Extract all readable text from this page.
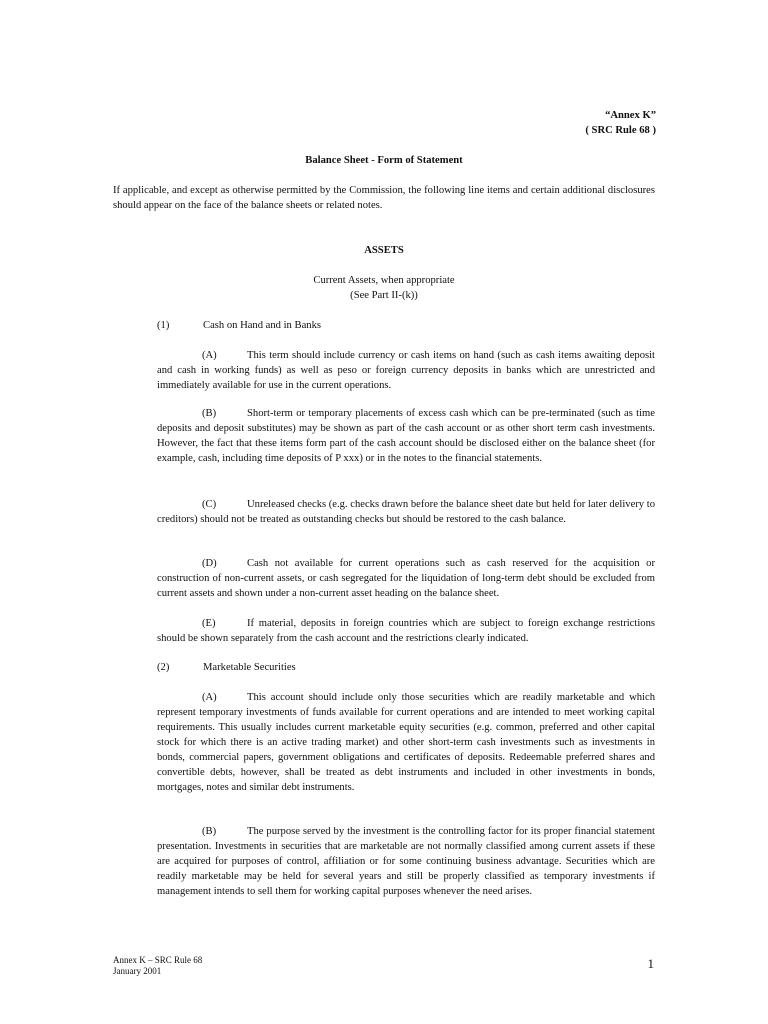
“Annex K”
( SRC Rule 68 )
Balance Sheet - Form of Statement
If applicable, and except as otherwise permitted by the Commission, the following line items and certain additional disclosures should appear on the face of the balance sheets or related notes.
ASSETS
Current Assets, when appropriate
(See Part II-(k))
(1)	Cash on Hand and in Banks
(A)	This term should include currency or cash items on hand (such as cash items awaiting deposit and cash in working funds) as well as peso or foreign currency deposits in banks which are unrestricted and immediately available for use in the current operations.
(B)	Short-term or temporary placements of excess cash which can be pre-terminated (such as time deposits and deposit substitutes) may be shown as part of the cash account or as other short term cash investments. However, the fact that these items form part of the cash account should be disclosed either on the balance sheet (for example, cash, including time deposits of P xxx) or in the notes to the financial statements.
(C)	Unreleased checks (e.g. checks drawn before the balance sheet date but held for later delivery to creditors) should not be treated as outstanding checks but should be restored to the cash balance.
(D)	Cash not available for current operations such as cash reserved for the acquisition or construction of non-current assets, or cash segregated for the liquidation of long-term debt should be excluded from current assets and shown under a non-current asset heading on the balance sheet.
(E)	If material, deposits in foreign countries which are subject to foreign exchange restrictions should be shown separately from the cash account and the restrictions clearly indicated.
(2)	Marketable Securities
(A)	This account should include only those securities which are readily marketable and which represent temporary investments of funds available for current operations and are intended to meet working capital requirements. This usually includes current marketable equity securities (e.g. common, preferred and other capital stock for which there is an active trading market) and other short-term cash investments such as investments in bonds, commercial papers, government obligations and certificates of deposits. Redeemable preferred shares and convertible debts, however, shall be treated as debt instruments and included in other investments in bonds, mortgages, notes and similar debt instruments.
(B)	The purpose served by the investment is the controlling factor for its proper financial statement presentation. Investments in securities that are marketable are not normally classified among current assets if these are acquired for purposes of control, affiliation or for some continuing business advantage. Securities which are readily marketable may be held for several years and still be properly classified as temporary investments if management intends to sell them for working capital purposes whenever the need arises.
Annex K – SRC Rule 68
January 2001	1
